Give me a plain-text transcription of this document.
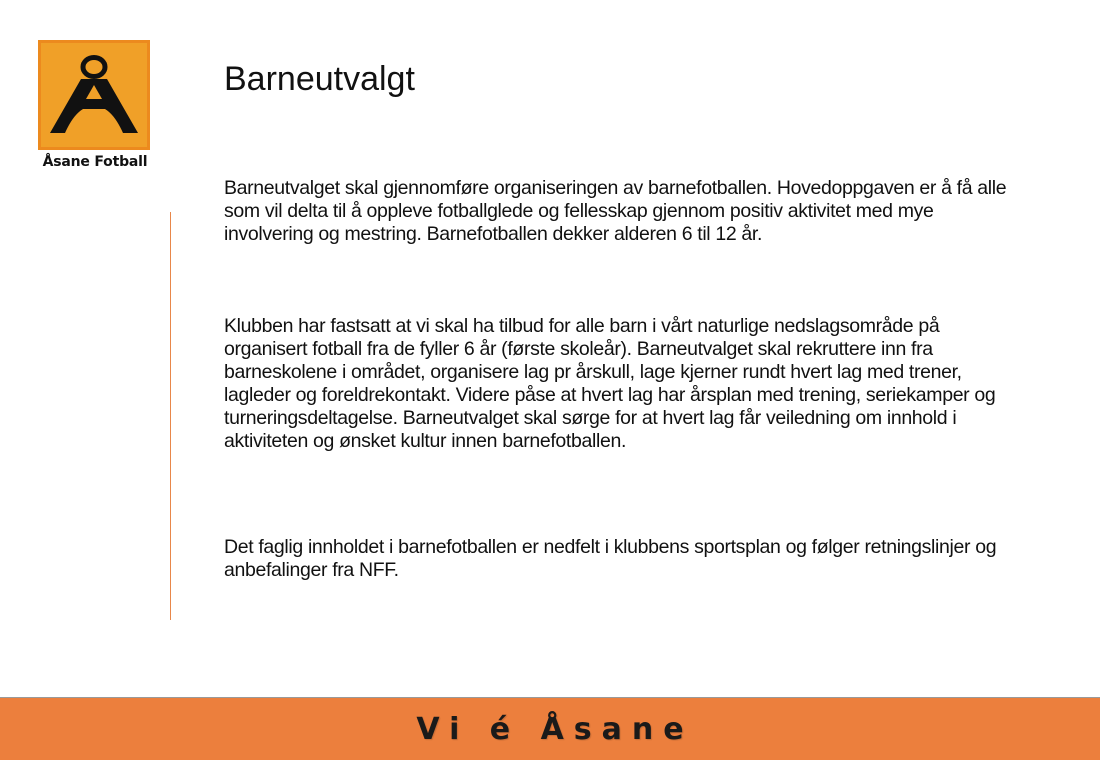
Åsane Fotball
Barneutvalgt

Barneutvalget skal gjennomføre organiseringen av barnefotballen. Hovedoppgaven er å få alle som vil delta til å oppleve fotballglede og fellesskap gjennom positiv aktivitet med mye involvering og mestring. Barnefotballen dekker alderen 6 til 12 år.

Klubben har fastsatt at vi skal ha tilbud for alle barn i vårt naturlige nedslagsområde på organisert fotball fra de fyller 6 år (første skoleår). Barneutvalget skal rekruttere inn fra barneskolene i området, organisere lag pr årskull, lage kjerner rundt hvert lag med trener, lagleder og foreldrekontakt. Videre påse at hvert lag har årsplan med trening, seriekamper og turneringsdeltagelse. Barneutvalget skal sørge for at hvert lag får veiledning om innhold i aktiviteten og ønsket kultur innen barnefotballen.

Det faglig innholdet i barnefotballen er nedfelt i klubbens sportsplan og følger retningslinjer og anbefalinger fra NFF.

Vi é Åsane
